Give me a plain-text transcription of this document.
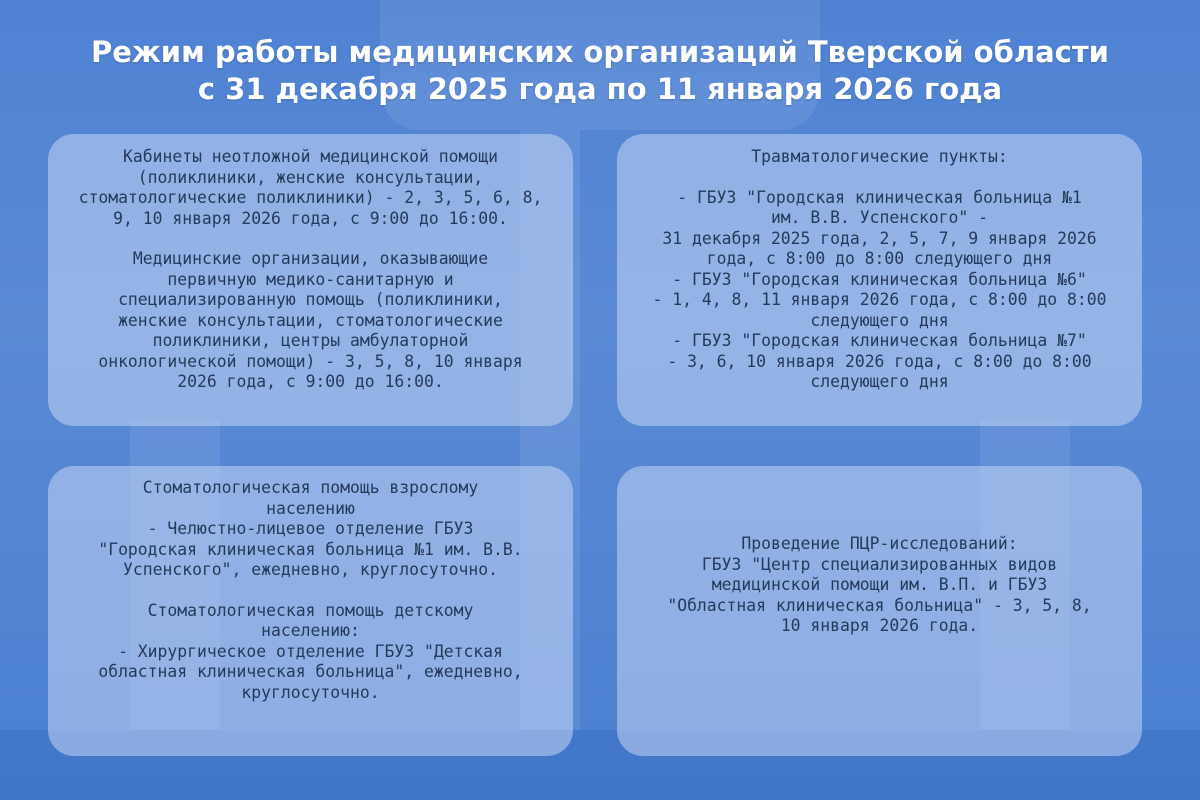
Режим работы медицинских организаций Тверской области
с 31 декабря 2025 года по 11 января 2026 года

Кабинеты неотложной медицинской помощи
(поликлиники, женские консультации,
стоматологические поликлиники) - 2, 3, 5, 6, 8,
9, 10 января 2026 года, с 9:00 до 16:00.

Медицинские организации, оказывающие
первичную медико-санитарную и
специализированную помощь (поликлиники,
женские консультации, стоматологические
поликлиники, центры амбулаторной
онкологической помощи) - 3, 5, 8, 10 января
2026 года, с 9:00 до 16:00.

Травматологические пункты:

- ГБУЗ "Городская клиническая больница №1
им. В.В. Успенского" -
31 декабря 2025 года, 2, 5, 7, 9 января 2026
года, с 8:00 до 8:00 следующего дня
- ГБУЗ "Городская клиническая больница №6"
- 1, 4, 8, 11 января 2026 года, с 8:00 до 8:00
следующего дня
- ГБУЗ "Городская клиническая больница №7"
- 3, 6, 10 января 2026 года, с 8:00 до 8:00
следующего дня

Стоматологическая помощь взрослому
населению
- Челюстно-лицевое отделение ГБУЗ
"Городская клиническая больница №1 им. В.В.
Успенского", ежедневно, круглосуточно.

Стоматологическая помощь детскому
населению:
- Хирургическое отделение ГБУЗ "Детская
областная клиническая больница", ежедневно,
круглосуточно.

Проведение ПЦР-исследований:
ГБУЗ "Центр специализированных видов
медицинской помощи им. В.П. и ГБУЗ
"Областная клиническая больница" - 3, 5, 8,
10 января 2026 года.
